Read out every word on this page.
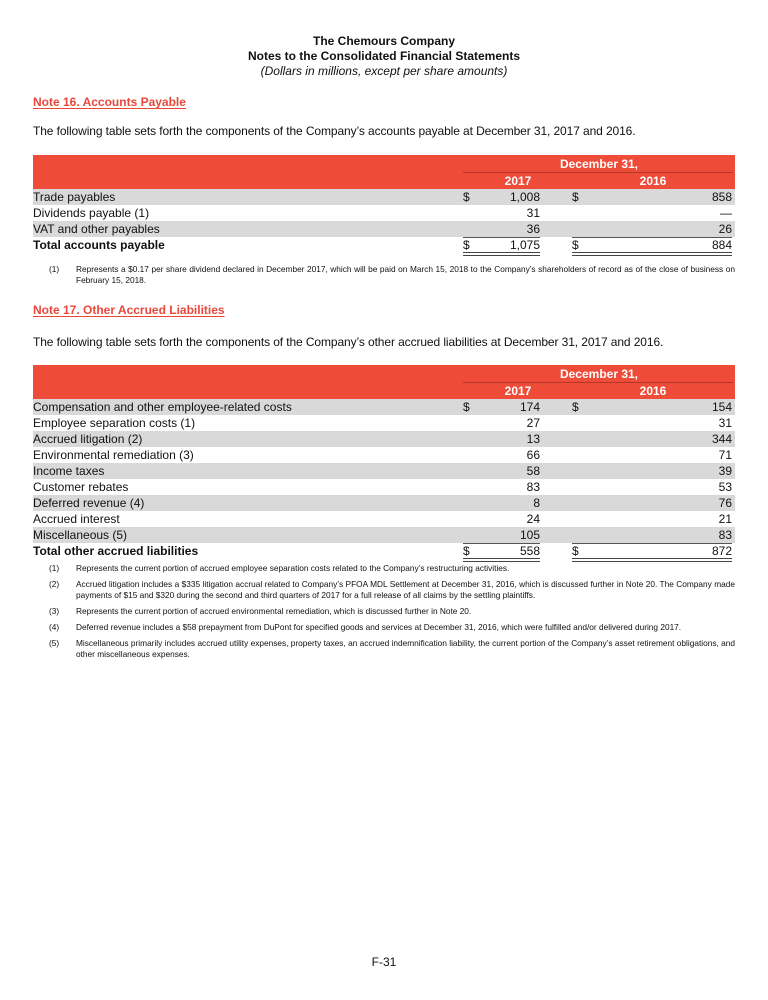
The Chemours Company
Notes to the Consolidated Financial Statements
(Dollars in millions, except per share amounts)
Note 16. Accounts Payable
The following table sets forth the components of the Company’s accounts payable at December 31, 2017 and 2016.
December 31,
2017	2016
Trade payables	$	1,008	$	858
Dividends payable (1)	31	—
VAT and other payables	36	26
Total accounts payable	$	1,075	$	884
(1) Represents a $0.17 per share dividend declared in December 2017, which will be paid on March 15, 2018 to the Company’s shareholders of record as of the close of business on February 15, 2018.
Note 17. Other Accrued Liabilities
The following table sets forth the components of the Company’s other accrued liabilities at December 31, 2017 and 2016.
December 31,
2017	2016
Compensation and other employee-related costs	$	174	$	154
Employee separation costs (1)	27	31
Accrued litigation (2)	13	344
Environmental remediation (3)	66	71
Income taxes	58	39
Customer rebates	83	53
Deferred revenue (4)	8	76
Accrued interest	24	21
Miscellaneous (5)	105	83
Total other accrued liabilities	$	558	$	872
(1) Represents the current portion of accrued employee separation costs related to the Company’s restructuring activities.
(2) Accrued litigation includes a $335 litigation accrual related to Company’s PFOA MDL Settlement at December 31, 2016, which is discussed further in Note 20. The Company made payments of $15 and $320 during the second and third quarters of 2017 for a full release of all claims by the settling plaintiffs.
(3) Represents the current portion of accrued environmental remediation, which is discussed further in Note 20.
(4) Deferred revenue includes a $58 prepayment from DuPont for specified goods and services at December 31, 2016, which were fulfilled and/or delivered during 2017.
(5) Miscellaneous primarily includes accrued utility expenses, property taxes, an accrued indemnification liability, the current portion of the Company’s asset retirement obligations, and other miscellaneous expenses.
F-31
